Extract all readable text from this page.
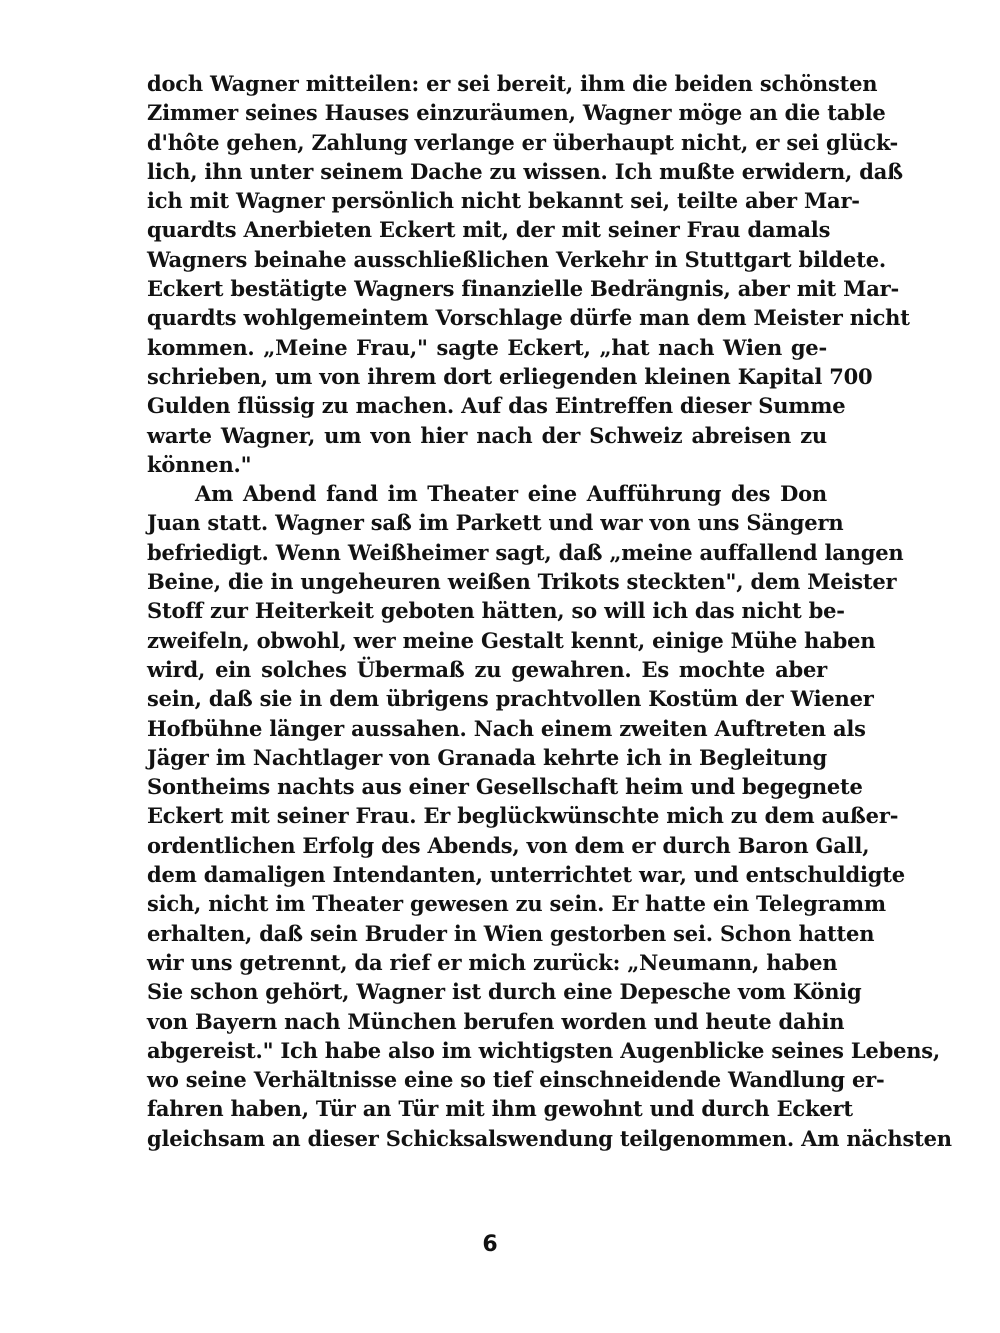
doch Wagner mitteilen: er sei bereit, ihm die beiden schönsten
Zimmer seines Hauses einzuräumen, Wagner möge an die table
d'hôte gehen, Zahlung verlange er überhaupt nicht, er sei glück-
lich, ihn unter seinem Dache zu wissen. Ich mußte erwidern, daß
ich mit Wagner persönlich nicht bekannt sei, teilte aber Mar-
quardts Anerbieten Eckert mit, der mit seiner Frau damals
Wagners beinahe ausschließlichen Verkehr in Stuttgart bildete.
Eckert bestätigte Wagners finanzielle Bedrängnis, aber mit Mar-
quardts wohlgemeintem Vorschlage dürfe man dem Meister nicht
kommen. „Meine Frau," sagte Eckert, „hat nach Wien ge-
schrieben, um von ihrem dort erliegenden kleinen Kapital 700
Gulden flüssig zu machen. Auf das Eintreffen dieser Summe
warte Wagner, um von hier nach der Schweiz abreisen zu
können."
Am Abend fand im Theater eine Aufführung des Don
Juan statt. Wagner saß im Parkett und war von uns Sängern
befriedigt. Wenn Weißheimer sagt, daß „meine auffallend langen
Beine, die in ungeheuren weißen Trikots steckten", dem Meister
Stoff zur Heiterkeit geboten hätten, so will ich das nicht be-
zweifeln, obwohl, wer meine Gestalt kennt, einige Mühe haben
wird, ein solches Übermaß zu gewahren. Es mochte aber
sein, daß sie in dem übrigens prachtvollen Kostüm der Wiener
Hofbühne länger aussahen. Nach einem zweiten Auftreten als
Jäger im Nachtlager von Granada kehrte ich in Begleitung
Sontheims nachts aus einer Gesellschaft heim und begegnete
Eckert mit seiner Frau. Er beglückwünschte mich zu dem außer-
ordentlichen Erfolg des Abends, von dem er durch Baron Gall,
dem damaligen Intendanten, unterrichtet war, und entschuldigte
sich, nicht im Theater gewesen zu sein. Er hatte ein Telegramm
erhalten, daß sein Bruder in Wien gestorben sei. Schon hatten
wir uns getrennt, da rief er mich zurück: „Neumann, haben
Sie schon gehört, Wagner ist durch eine Depesche vom König
von Bayern nach München berufen worden und heute dahin
abgereist." Ich habe also im wichtigsten Augenblicke seines Lebens,
wo seine Verhältnisse eine so tief einschneidende Wandlung er-
fahren haben, Tür an Tür mit ihm gewohnt und durch Eckert
gleichsam an dieser Schicksalswendung teilgenommen. Am nächsten
6
